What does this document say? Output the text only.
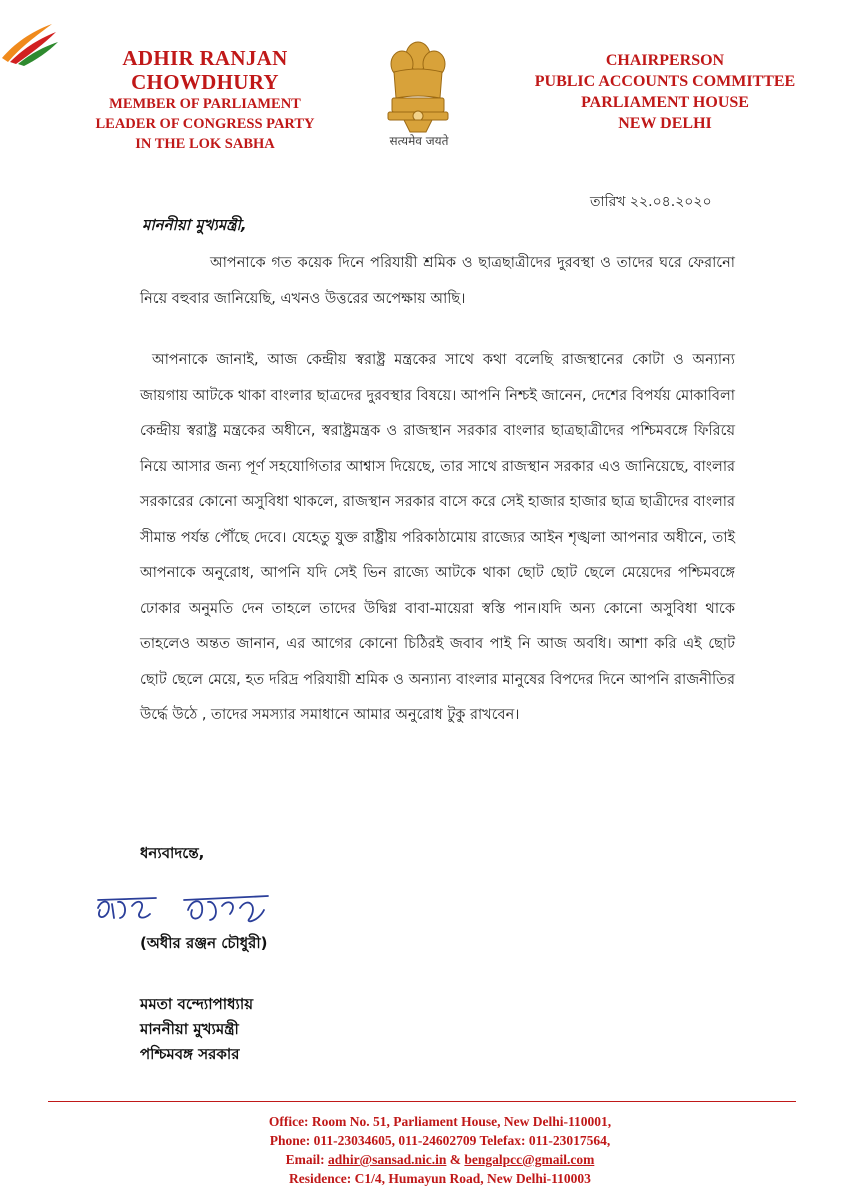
ADHIR RANJAN CHOWDHURY
MEMBER OF PARLIAMENT
LEADER OF CONGRESS PARTY
IN THE LOK SABHA	सत्यमेव जयते
CHAIRPERSON
PUBLIC ACCOUNTS COMMITTEE
PARLIAMENT HOUSE
NEW DELHI
তারিখ ২২.০৪.২০২০
মাননীয়া মুখ্যমন্ত্রী,

আপনাকে গত কয়েক দিনে পরিযায়ী শ্রমিক ও ছাত্রছাত্রীদের দুরবস্থা ও তাদের ঘরে ফেরানো নিয়ে বহুবার জানিয়েছি, এখনও উত্তরের অপেক্ষায় আছি।

আপনাকে জানাই, আজ কেন্দ্রীয় স্বরাষ্ট্র মন্ত্রকের সাথে কথা বলেছি রাজস্থানের কোটা ও অন্যান্য জায়গায় আটকে থাকা বাংলার ছাত্রদের দুরবস্থার বিষয়ে। আপনি নিশ্চই জানেন, দেশের বিপর্যয় মোকাবিলা কেন্দ্রীয় স্বরাষ্ট্র মন্ত্রকের অধীনে, স্বরাষ্ট্রমন্ত্রক ও রাজস্থান সরকার বাংলার ছাত্রছাত্রীদের পশ্চিমবঙ্গে ফিরিয়ে নিয়ে আসার জন্য পূর্ণ সহযোগিতার আশ্বাস দিয়েছে, তার সাথে রাজস্থান সরকার এও জানিয়েছে, বাংলার সরকারের কোনো অসুবিধা থাকলে, রাজস্থান সরকার বাসে করে সেই হাজার হাজার ছাত্র ছাত্রীদের বাংলার সীমান্ত পর্যন্ত পৌঁছে দেবে। যেহেতু যুক্ত রাষ্ট্রীয় পরিকাঠামোয় রাজ্যের আইন শৃঙ্খলা আপনার অধীনে, তাই আপনাকে অনুরোধ, আপনি যদি সেই ভিন রাজ্যে আটকে থাকা ছোট ছোট ছেলে মেয়েদের পশ্চিমবঙ্গে ঢোকার অনুমতি দেন তাহলে তাদের উদ্বিগ্ন বাবা-মায়েরা স্বস্তি পান।যদি অন্য কোনো অসুবিধা থাকে তাহলেও অন্তত জানান, এর আগের কোনো চিঠিরই জবাব পাই নি আজ অবধি। আশা করি এই ছোট ছোট ছেলে মেয়ে, হত দরিদ্র পরিযায়ী শ্রমিক ও অন্যান্য বাংলার মানুষের বিপদের দিনে আপনি রাজনীতির উর্দ্ধে উঠে , তাদের সমস্যার সমাধানে আমার অনুরোধ টুকু রাখবেন।

ধন্যবাদন্তে,
(অধীর রঞ্জন চৌধুরী)
মমতা বন্দ্যোপাধ্যায়
মাননীয়া মুখ্যমন্ত্রী
পশ্চিমবঙ্গ সরকার
Office: Room No. 51, Parliament House, New Delhi-110001,
Phone: 011-23034605, 011-24602709 Telefax: 011-23017564,
Email: adhir@sansad.nic.in & bengalpcc@gmail.com
Residence: C1/4, Humayun Road, New Delhi-110003
